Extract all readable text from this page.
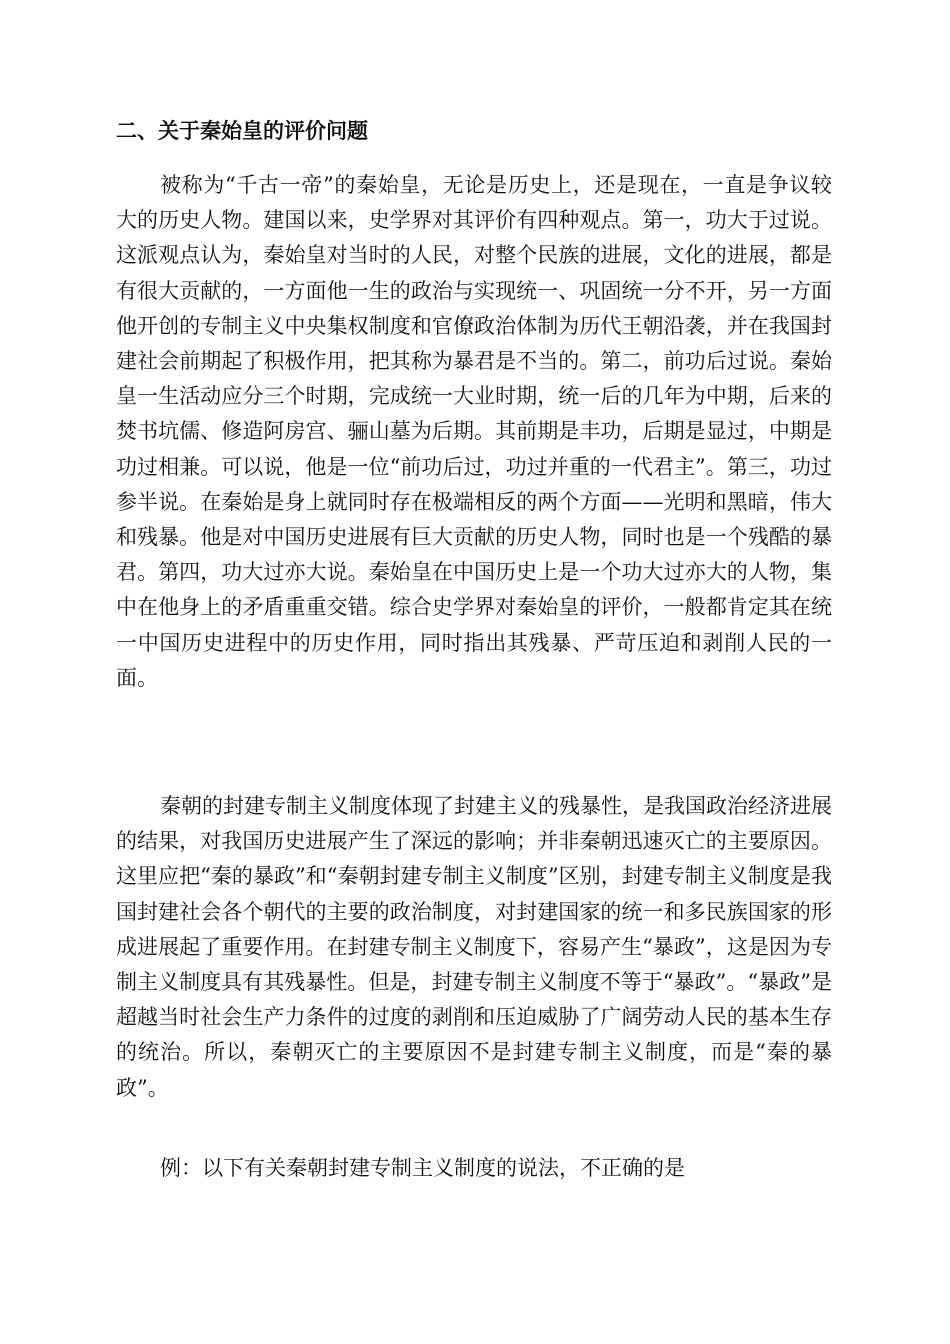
二、关于秦始皇的评价问题

被称为“千古一帝”的秦始皇，无论是历史上，还是现在，一直是争议较大的历史人物。建国以来，史学界对其评价有四种观点。第一，功大于过说。这派观点认为，秦始皇对当时的人民，对整个民族的进展，文化的进展，都是有很大贡献的，一方面他一生的政治与实现统一、巩固统一分不开，另一方面他开创的专制主义中央集权制度和官僚政治体制为历代王朝沿袭，并在我国封建社会前期起了积极作用，把其称为暴君是不当的。第二，前功后过说。秦始皇一生活动应分三个时期，完成统一大业时期，统一后的几年为中期，后来的焚书坑儒、修造阿房宫、骊山墓为后期。其前期是丰功，后期是显过，中期是功过相兼。可以说，他是一位“前功后过，功过并重的一代君主”。第三，功过参半说。在秦始是身上就同时存在极端相反的两个方面——光明和黑暗，伟大和残暴。他是对中国历史进展有巨大贡献的历史人物，同时也是一个残酷的暴君。第四，功大过亦大说。秦始皇在中国历史上是一个功大过亦大的人物，集中在他身上的矛盾重重交错。综合史学界对秦始皇的评价，一般都肯定其在统一中国历史进程中的历史作用，同时指出其残暴、严苛压迫和剥削人民的一面。

秦朝的封建专制主义制度体现了封建主义的残暴性，是我国政治经济进展的结果，对我国历史进展产生了深远的影响；并非秦朝迅速灭亡的主要原因。这里应把“秦的暴政”和“秦朝封建专制主义制度”区别，封建专制主义制度是我国封建社会各个朝代的主要的政治制度，对封建国家的统一和多民族国家的形成进展起了重要作用。在封建专制主义制度下，容易产生“暴政”，这是因为专制主义制度具有其残暴性。但是，封建专制主义制度不等于“暴政”。“暴政”是超越当时社会生产力条件的过度的剥削和压迫威胁了广阔劳动人民的基本生存的统治。所以，秦朝灭亡的主要原因不是封建专制主义制度，而是“秦的暴政”。

例：以下有关秦朝封建专制主义制度的说法，不正确的是
